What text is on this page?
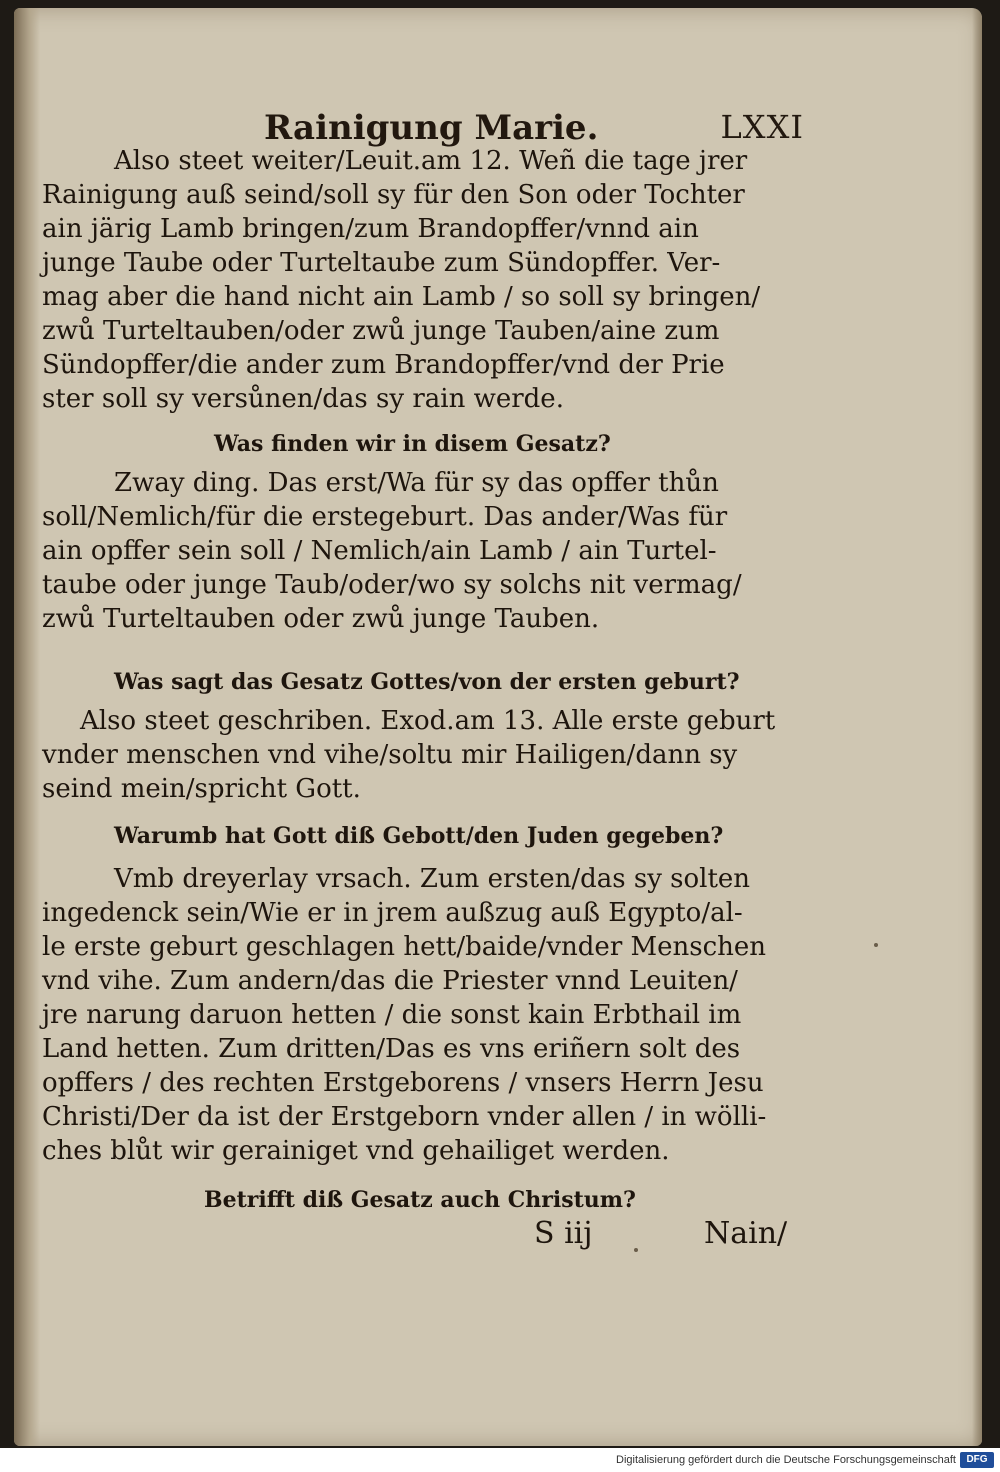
Rainigung Marie.	LXXI
Also steet weiter/Leuit.am 12. Weñ die tage jrer
Rainigung auß seind/soll sy für den Son oder Tochter
ain järig Lamb bringen/zum Brandopffer/vnnd ain
junge Taube oder Turteltaube zum Sündopffer. Ver-
mag aber die hand nicht ain Lamb / so soll sy bringen/
zwů Turteltauben/oder zwů junge Tauben/aine zum
Sündopffer/die ander zum Brandopffer/vnd der Prie
ster soll sy versůnen/das sy rain werde.
Was finden wir in disem Gesatz?
Zway ding. Das erst/Wa für sy das opffer thůn
soll/Nemlich/für die erstegeburt. Das ander/Was für
ain opffer sein soll / Nemlich/ain Lamb / ain Turtel-
taube oder junge Taub/oder/wo sy solchs nit vermag/
zwů Turteltauben oder zwů junge Tauben.
Was sagt das Gesatz Gottes/von der ersten geburt?
Also steet geschriben. Exod.am 13. Alle erste geburt
vnder menschen vnd vihe/soltu mir Hailigen/dann sy
seind mein/spricht Gott.
Warumb hat Gott diß Gebott/den Juden gegeben?
Vmb dreyerlay vrsach. Zum ersten/das sy solten
ingedenck sein/Wie er in jrem außzug auß Egypto/al-
le erste geburt geschlagen hett/baide/vnder Menschen
vnd vihe. Zum andern/das die Priester vnnd Leuiten/
jre narung daruon hetten / die sonst kain Erbthail im
Land hetten. Zum dritten/Das es vns eriñern solt des
opffers / des rechten Erstgeborens / vnsers Herrn Jesu
Christi/Der da ist der Erstgeborn vnder allen / in wölli-
ches blůt wir gerainiget vnd gehailiget werden.
Betrifft diß Gesatz auch Christum?
S iij	Nain/
Digitalisierung gefördert durch die Deutsche Forschungsgemeinschaft	DFG
